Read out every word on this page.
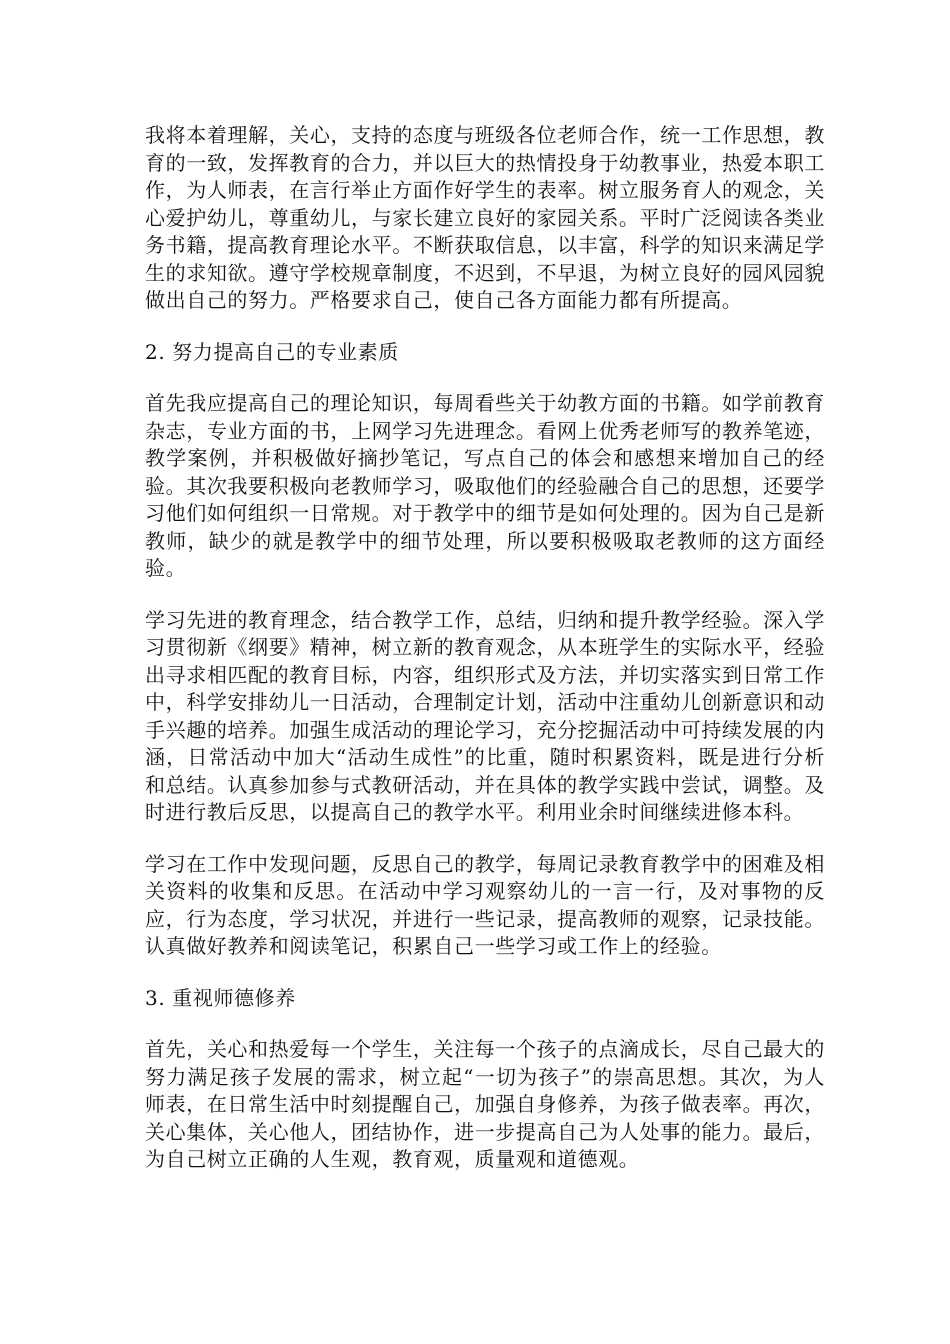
我将本着理解，关心，支持的态度与班级各位老师合作，统一工作思想，教育的一致，发挥教育的合力，并以巨大的热情投身于幼教事业，热爱本职工作，为人师表，在言行举止方面作好学生的表率。树立服务育人的观念，关心爱护幼儿，尊重幼儿，与家长建立良好的家园关系。平时广泛阅读各类业务书籍，提高教育理论水平。不断获取信息，以丰富，科学的知识来满足学生的求知欲。遵守学校规章制度，不迟到，不早退，为树立良好的园风园貌做出自己的努力。严格要求自己，使自己各方面能力都有所提高。

2. 努力提高自己的专业素质

首先我应提高自己的理论知识，每周看些关于幼教方面的书籍。如学前教育杂志，专业方面的书，上网学习先进理念。看网上优秀老师写的教养笔迹，教学案例，并积极做好摘抄笔记，写点自己的体会和感想来增加自己的经验。其次我要积极向老教师学习，吸取他们的经验融合自己的思想，还要学习他们如何组织一日常规。对于教学中的细节是如何处理的。因为自己是新教师，缺少的就是教学中的细节处理，所以要积极吸取老教师的这方面经验。

学习先进的教育理念，结合教学工作，总结，归纳和提升教学经验。深入学习贯彻新《纲要》精神，树立新的教育观念，从本班学生的实际水平，经验出寻求相匹配的教育目标，内容，组织形式及方法，并切实落实到日常工作中，科学安排幼儿一日活动，合理制定计划，活动中注重幼儿创新意识和动手兴趣的培养。加强生成活动的理论学习，充分挖掘活动中可持续发展的内涵，日常活动中加大“活动生成性”的比重，随时积累资料，既是进行分析和总结。认真参加参与式教研活动，并在具体的教学实践中尝试，调整。及时进行教后反思，以提高自己的教学水平。利用业余时间继续进修本科。

学习在工作中发现问题，反思自己的教学，每周记录教育教学中的困难及相关资料的收集和反思。在活动中学习观察幼儿的一言一行，及对事物的反应，行为态度，学习状况，并进行一些记录，提高教师的观察，记录技能。认真做好教养和阅读笔记，积累自己一些学习或工作上的经验。

3. 重视师德修养

首先，关心和热爱每一个学生，关注每一个孩子的点滴成长，尽自己最大的努力满足孩子发展的需求，树立起“一切为孩子”的崇高思想。其次，为人师表，在日常生活中时刻提醒自己，加强自身修养，为孩子做表率。再次，关心集体，关心他人，团结协作，进一步提高自己为人处事的能力。最后，为自己树立正确的人生观，教育观，质量观和道德观。
